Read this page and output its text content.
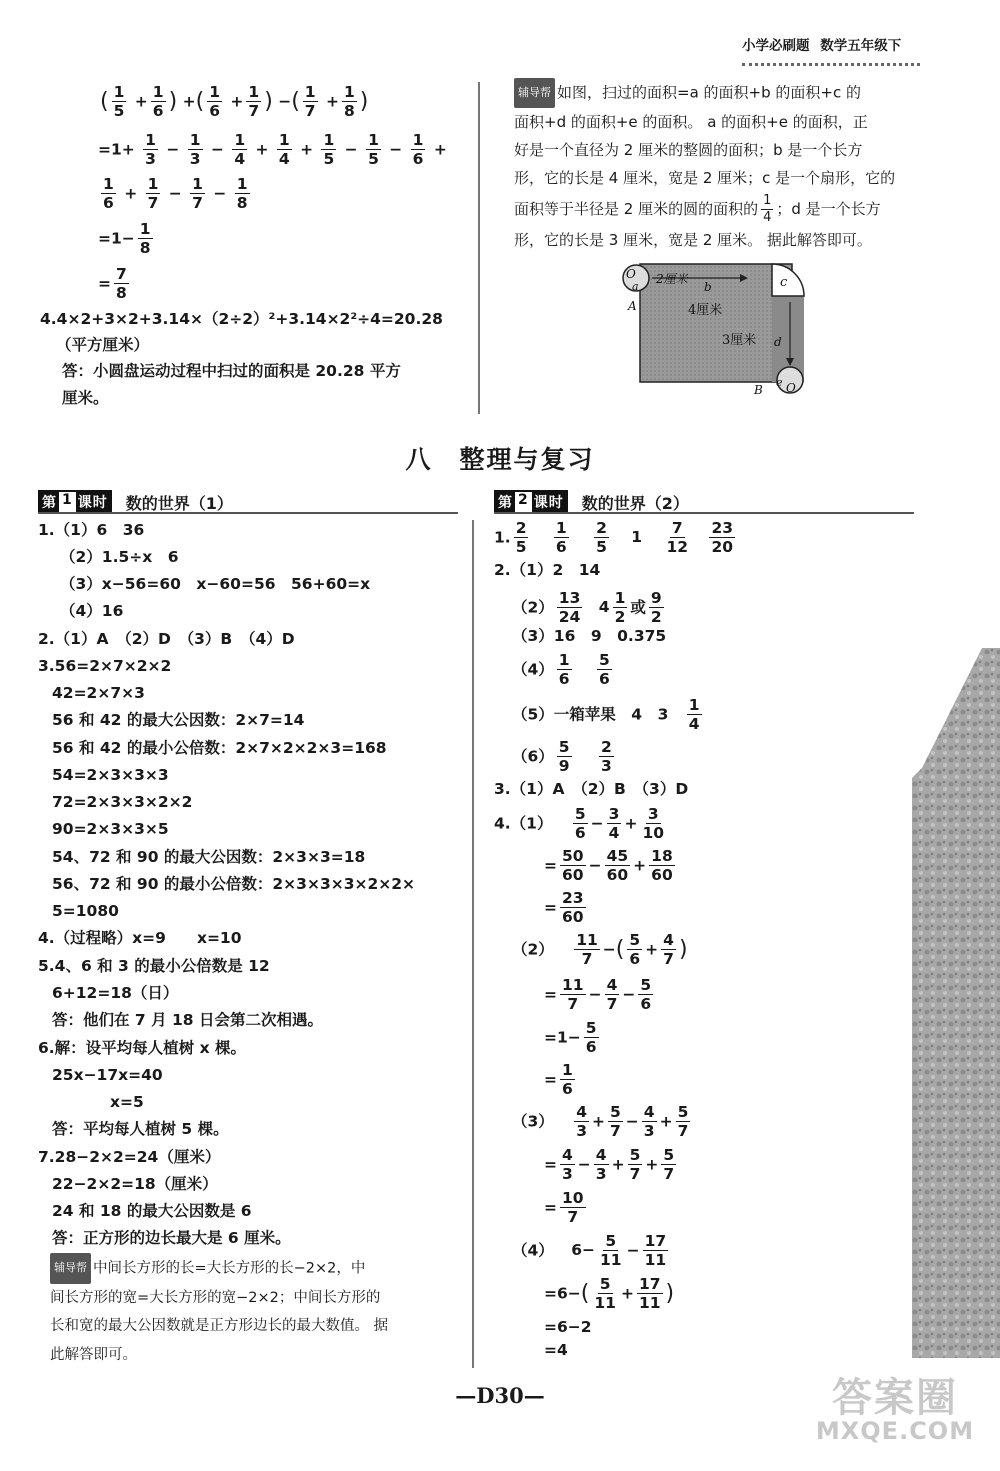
小学必刷题 数学五年级下
( $\frac{1}{5} + \frac{1}{6}$ ) +( $\frac{1}{6} + \frac{1}{7}$ ) −( $\frac{1}{7} + \frac{1}{8}$ )
$=1+ \frac{1}{3} - \frac{1}{3} - \frac{1}{4} + \frac{1}{4} + \frac{1}{5} - \frac{1}{5} - \frac{1}{6}$ +
$\frac{1}{6} + \frac{1}{7} - \frac{1}{7} - \frac{1}{8}$
$=1- \frac{1}{8}$
= $\frac{7}{8}$
4.4×2+3×2+3.14×（2÷2）²+3.14×2²÷4=20.28
（平方厘米）
答：小圆盘运动过程中扫过的面积是 20.28 平方
厘米。
辅导帮 如图，扫过的面积=a 的面积+b 的面积+c 的
面积+d 的面积+e 的面积。 a 的面积+e 的面积，正
好是一个直径为 2 厘米的整圆的面积；b 是一个长方
形，它的长是 4 厘米，宽是 2 厘米；c 是一个扇形，它的
面积等于半径是 2 厘米的圆的面积的 $\frac{1}{4}$ ；d 是一个长方
形，它的长是 3 厘米，宽是 2 厘米。 据此解答即可。
2厘米
b
4厘米
3厘米
c
d
a
O
A
B
e O
八　整理与复习
第 1 课时 数的世界（1）	第 2 课时 数的世界（2）
1.（1）6　36
（2）1.5÷x　6
（3）x−56=60　x−60=56　56+60=x
（4）16
2.（1）A　（2）D　（3）B　（4）D
3.56=2×7×2×2
42=2×7×3
56 和 42 的最大公因数：2×7=14
56 和 42 的最小公倍数：2×7×2×2×3=168
54=2×3×3×3
72=2×3×3×2×2
90=2×3×3×5
54、72 和 90 的最大公因数：2×3×3=18
56、72 和 90 的最小公倍数：2×3×3×3×2×2×
5=1080
4.（过程略）x=9　　x=10
5.4、6 和 3 的最小公倍数是 12
6+12=18（日）
答：他们在 7 月 18 日会第二次相遇。
6.解：设平均每人植树 x 棵。
25x−17x=40
x=5
答：平均每人植树 5 棵。
7.28−2×2=24（厘米）
22−2×2=18（厘米）
24 和 18 的最大公因数是 6
答：正方形的边长最大是 6 厘米。
辅导帮 中间长方形的长=大长方形的长−2×2，中
间长方形的宽=大长方形的宽−2×2；中间长方形的
长和宽的最大公因数就是正方形边长的最大数值。 据
此解答即可。
1. $\frac{2}{5}$
$\frac{1}{6}$
$\frac{2}{5} 1 \frac{7}{12}$
$\frac{23}{20}$
2.（1）2　14
$(2) \frac{13}{24} 4 \frac{1}{2}$ 或 $\frac{9}{2}$
（3）16　9　0.375
$(4) \frac{1}{6}$
$\frac{5}{6}$
（5）一箱苹果　4　$3 \frac{1}{4}$
$(6) \frac{5}{9}$
$\frac{2}{3}$
3.（1）A　（2）B　（3）D
$4.(1) \frac{5}{6} - \frac{3}{4} + \frac{3}{10}$
= $\frac{50}{60} - \frac{45}{60} + \frac{18}{60}$
= $\frac{23}{60}$
$(2) \frac{11}{7}$ −( $\frac{5}{6} + \frac{4}{7}$ )
= $\frac{11}{7} - \frac{4}{7} - \frac{5}{6}$
$=1- \frac{5}{6}$
= $\frac{1}{6}$
$(3) \frac{4}{3} + \frac{5}{7} - \frac{4}{3} + \frac{5}{7}$
= $\frac{4}{3} - \frac{4}{3} + \frac{5}{7} + \frac{5}{7}$
= $\frac{10}{7}$
（4） $6- \frac{5}{11} - \frac{17}{11}$
$=6-( \frac{5}{11} + \frac{17}{11}$ )
=6−2
=4
—D30—	答案圈
MXQE.COM
